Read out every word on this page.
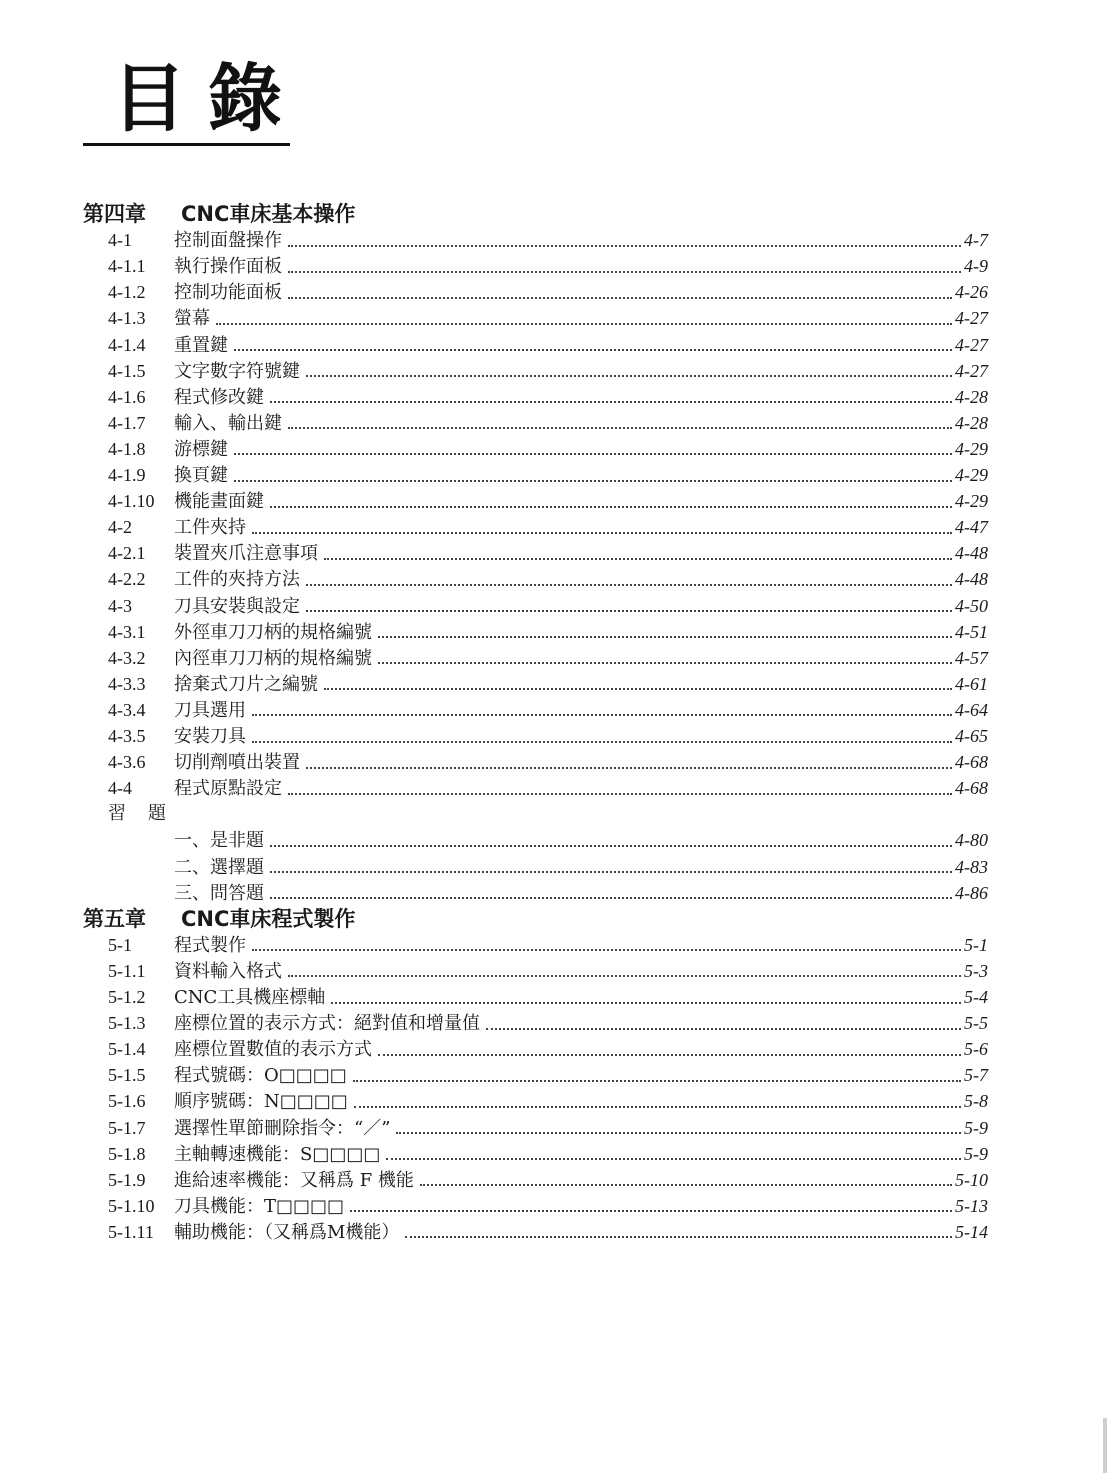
目錄
第四章 CNC車床基本操作
4-1	控制面盤操作	4-7
4-1.1	執行操作面板	4-9
4-1.2	控制功能面板	4-26
4-1.3	螢幕	4-27
4-1.4	重置鍵	4-27
4-1.5	文字數字符號鍵	4-27
4-1.6	程式修改鍵	4-28
4-1.7	輸入、輸出鍵	4-28
4-1.8	游標鍵	4-29
4-1.9	換頁鍵	4-29
4-1.10	機能畫面鍵	4-29
4-2	工件夾持	4-47
4-2.1	裝置夾爪注意事項	4-48
4-2.2	工件的夾持方法	4-48
4-3	刀具安裝與設定	4-50
4-3.1	外徑車刀刀柄的規格編號	4-51
4-3.2	內徑車刀刀柄的規格編號	4-57
4-3.3	捨棄式刀片之編號	4-61
4-3.4	刀具選用	4-64
4-3.5	安裝刀具	4-65
4-3.6	切削劑噴出裝置	4-68
4-4	程式原點設定	4-68
習題
一、是非題	4-80
二、選擇題	4-83
三、問答題	4-86
第五章 CNC車床程式製作
5-1	程式製作	5-1
5-1.1	資料輸入格式	5-3
5-1.2	CNC工具機座標軸	5-4
5-1.3	座標位置的表示方式：絕對值和增量值	5-5
5-1.4	座標位置數值的表示方式	5-6
5-1.5	程式號碼：O□□□□	5-7
5-1.6	順序號碼：N□□□□	5-8
5-1.7	選擇性單節刪除指令：“／”	5-9
5-1.8	主軸轉速機能：S□□□□	5-9
5-1.9	進給速率機能：又稱爲 F 機能	5-10
5-1.10	刀具機能：T□□□□	5-13
5-1.11	輔助機能：（又稱爲M機能）	5-14
